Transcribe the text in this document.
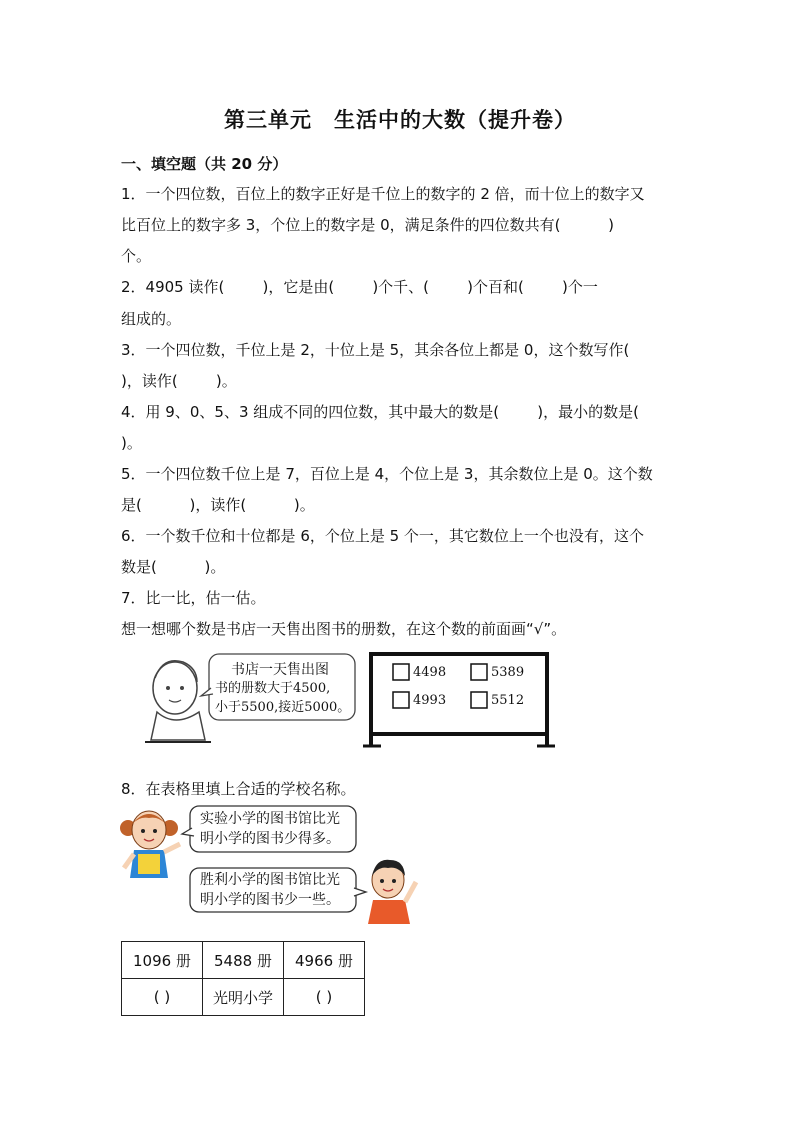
第三单元　生活中的大数（提升卷）
一、填空题（共 20 分）
1．一个四位数，百位上的数字正好是千位上的数字的 2 倍，而十位上的数字又
比百位上的数字多 3，个位上的数字是 0，满足条件的四位数共有(          )
个。
2．4905 读作(        )，它是由(        )个千、(        )个百和(        )个一
组成的。
3．一个四位数，千位上是 2，十位上是 5，其余各位上都是 0，这个数写作(
)，读作(        )。
4．用 9、0、5、3 组成不同的四位数，其中最大的数是(        )，最小的数是(
)。
5．一个四位数千位上是 7，百位上是 4，个位上是 3，其余数位上是 0。这个数
是(          )，读作(          )。
6．一个数千位和十位都是 6，个位上是 5 个一，其它数位上一个也没有，这个
数是(          )。
7．比一比，估一估。
想一想哪个数是书店一天售出图书的册数，在这个数的前面画“√”。
书店一天售出图
书的册数大于4500,
小于5500,接近5000。
4498	5389
4993	5512
8．在表格里填上合适的学校名称。
实验小学的图书馆比光
明小学的图书少得多。
胜利小学的图书馆比光
明小学的图书少一些。
1096 册	5488 册	4966 册
( )	光明小学	( )
